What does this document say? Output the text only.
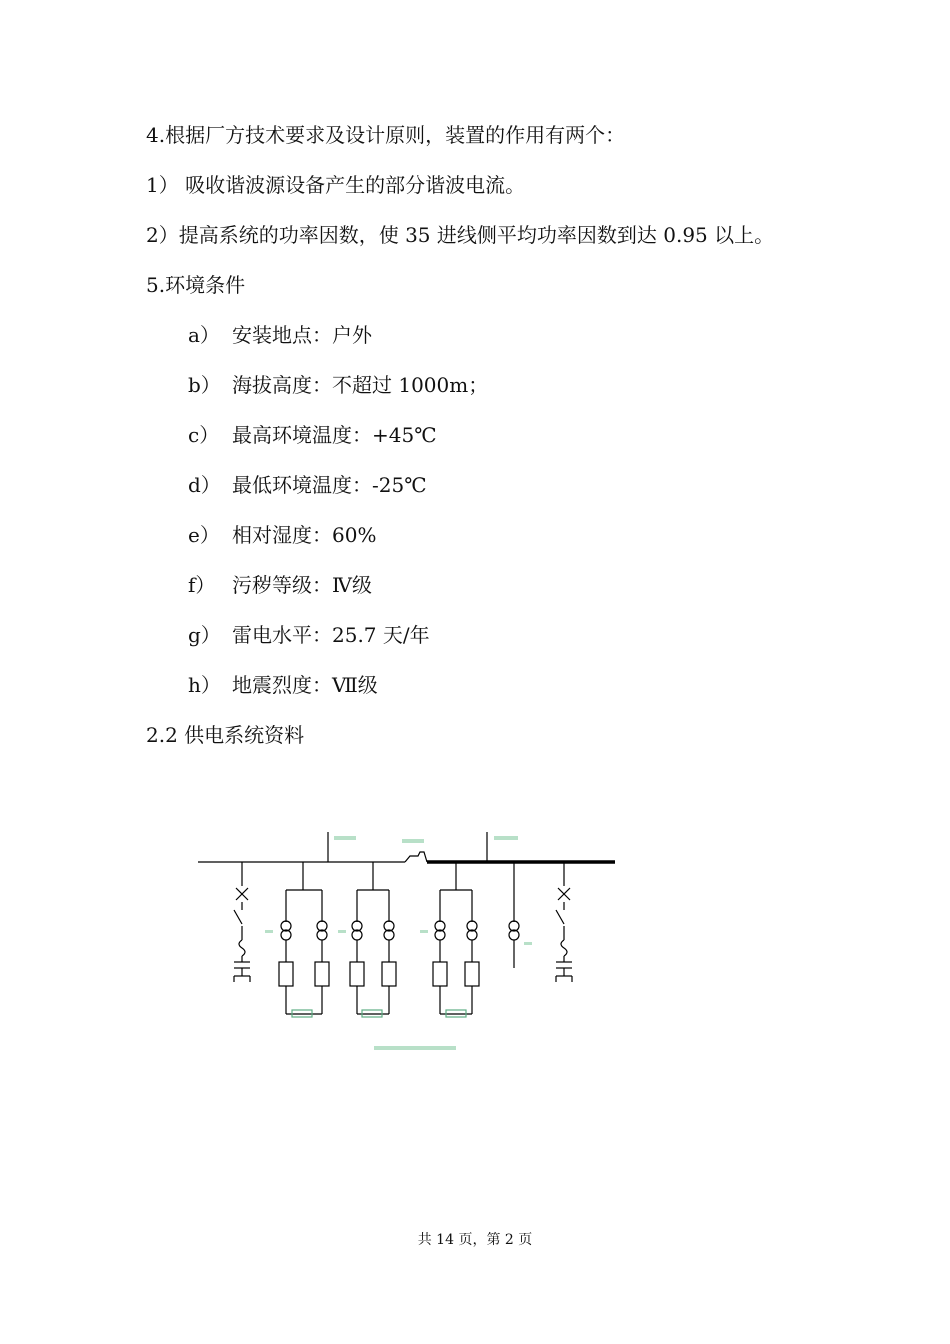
4.根据厂方技术要求及设计原则，装置的作用有两个：
1） 吸收谐波源设备产生的部分谐波电流。
2）提高系统的功率因数，使 35 进线侧平均功率因数到达 0.95 以上。
5.环境条件
a） 安装地点：户外
b） 海拔高度：不超过 1000m；
c） 最高环境温度：+45℃
d） 最低环境温度：-25℃
e） 相对湿度：60%
f） 污秽等级：Ⅳ级
g） 雷电水平：25.7 天/年
h） 地震烈度：Ⅶ级
2.2 供电系统资料
共 14 页，第 2 页
